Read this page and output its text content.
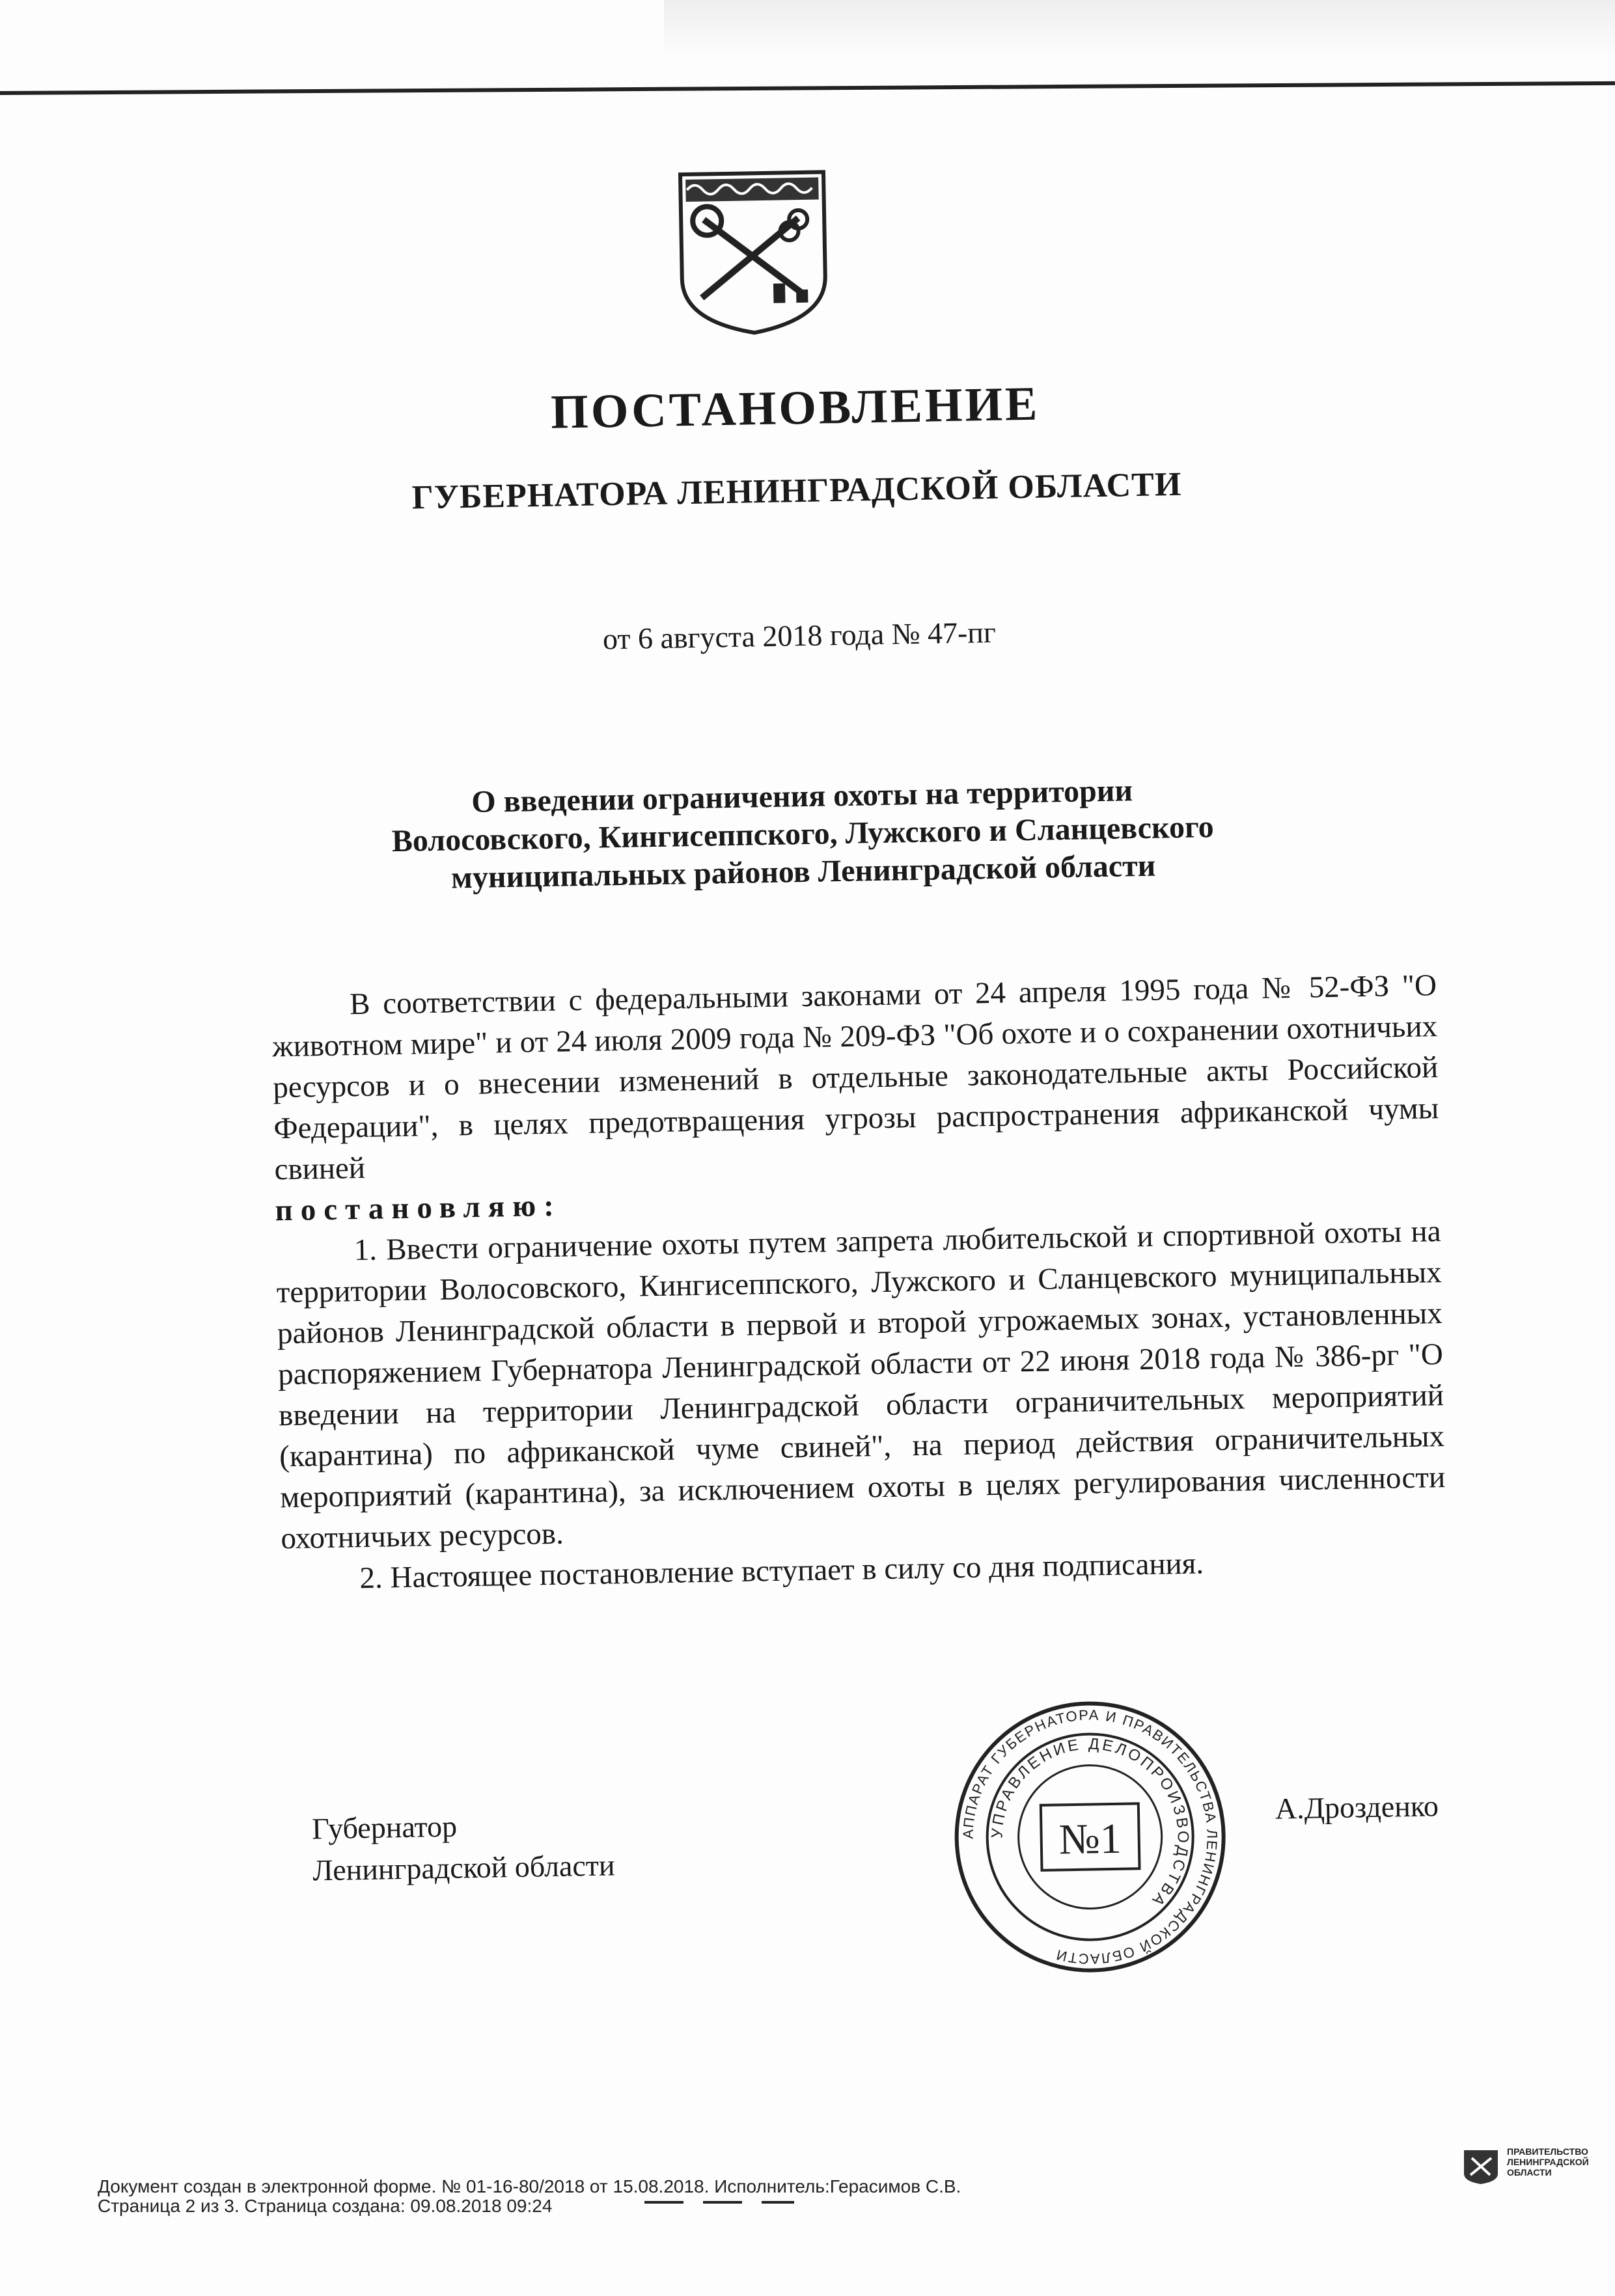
ПОСТАНОВЛЕНИЕ
ГУБЕРНАТОРА ЛЕНИНГРАДСКОЙ ОБЛАСТИ
от 6 августа 2018 года № 47-пг
О введении ограничения охоты на территории
Волосовского, Кингисеппского, Лужского и Сланцевского
муниципальных районов Ленинградской области

В соответствии с федеральными законами от 24 апреля 1995 года № 52-ФЗ "О животном мире" и от 24 июля 2009 года № 209-ФЗ "Об охоте и о сохранении охотничьих ресурсов и о внесении изменений в отдельные законодательные акты Российской Федерации", в целях предотвращения угрозы распространения африканской чумы свиней

постановляю:

1. Ввести ограничение охоты путем запрета любительской и спортивной охоты на территории Волосовского, Кингисеппского, Лужского и Сланцевского муниципальных районов Ленинградской области в первой и второй угрожаемых зонах, установленных распоряжением Губернатора Ленинградской области от 22 июня 2018 года № 386-рг "О введении на территории Ленинградской области ограничительных мероприятий (карантина) по африканской чуме свиней", на период действия ограничительных мероприятий (карантина), за исключением охоты в целях регулирования численности охотничьих ресурсов.

2. Настоящее постановление вступает в силу со дня подписания.

Губернатор
Ленинградской области
А.Дрозденко
АППАРАТ ГУБЕРНАТОРА И ПРАВИТЕЛЬСТВА ЛЕНИНГРАДСКОЙ ОБЛАСТИ
УПРАВЛЕНИЕ ДЕЛОПРОИЗВОДСТВА
№1
Документ создан в электронной форме. № 01-16-80/2018 от 15.08.2018. Исполнитель:Герасимов С.В.
Страница 2 из 3. Страница создана: 09.08.2018 09:24
ПРАВИТЕЛЬСТВО
ЛЕНИНГРАДСКОЙ
ОБЛАСТИ
